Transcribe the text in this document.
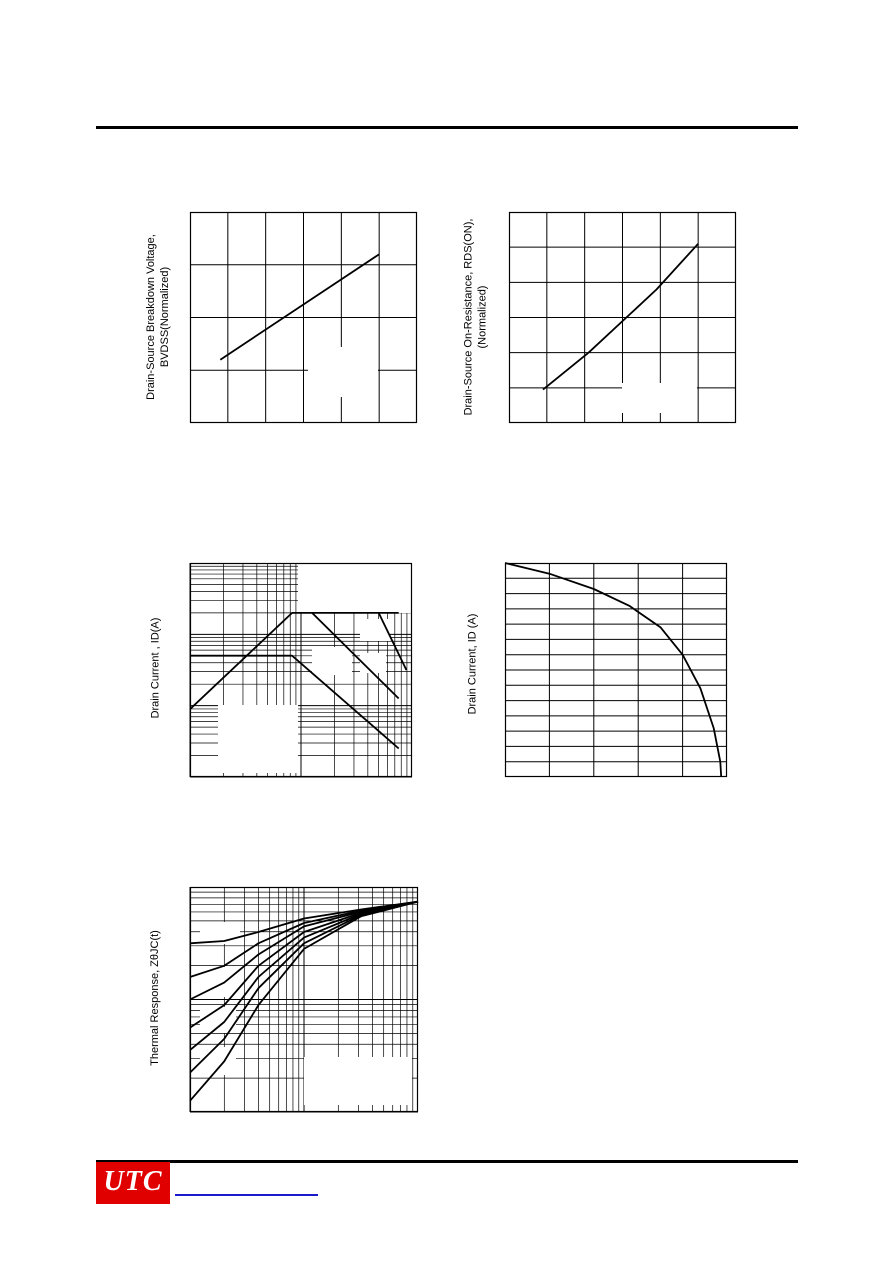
Drain-Source Breakdown Voltage, BVDSS(Normalized)	Drain-Source On-Resistance, RDS(ON), (Normalized)
Drain Current , ID(A)	Drain Current, ID (A)
Thermal Response, ZθJC(t)
UTC
